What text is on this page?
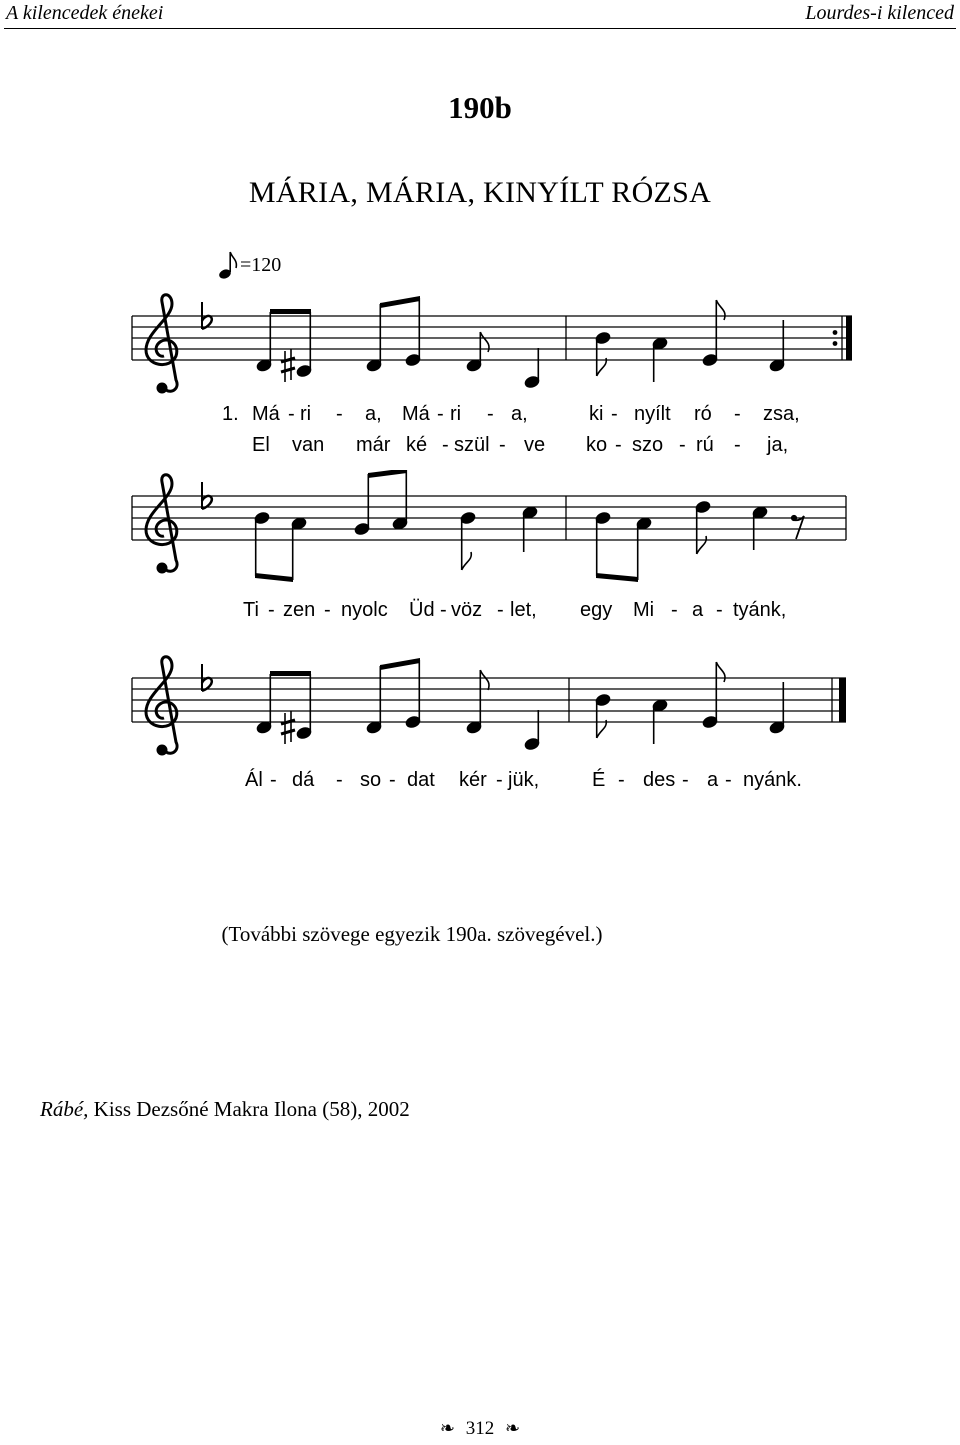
A kilencedek énekei	Lourdes-i kilenced
190b
MÁRIA, MÁRIA, KINYÍLT RÓZSA
=120
1. Má - ri - a, Má - ri - a,	ki - nyílt ró - zsa,
El van már ké - szül - ve ko - szo - rú - ja,
Ti - zen - nyolc Üd - vöz - let, egy Mi - a - tyánk,
Ál - dá - so - dat kér - jük,	É - des - a - nyánk.
(További szövege egyezik 190a. szövegével.)
Rábé, Kiss Dezsőné Makra Ilona (58), 2002
❧ 312 ❧
